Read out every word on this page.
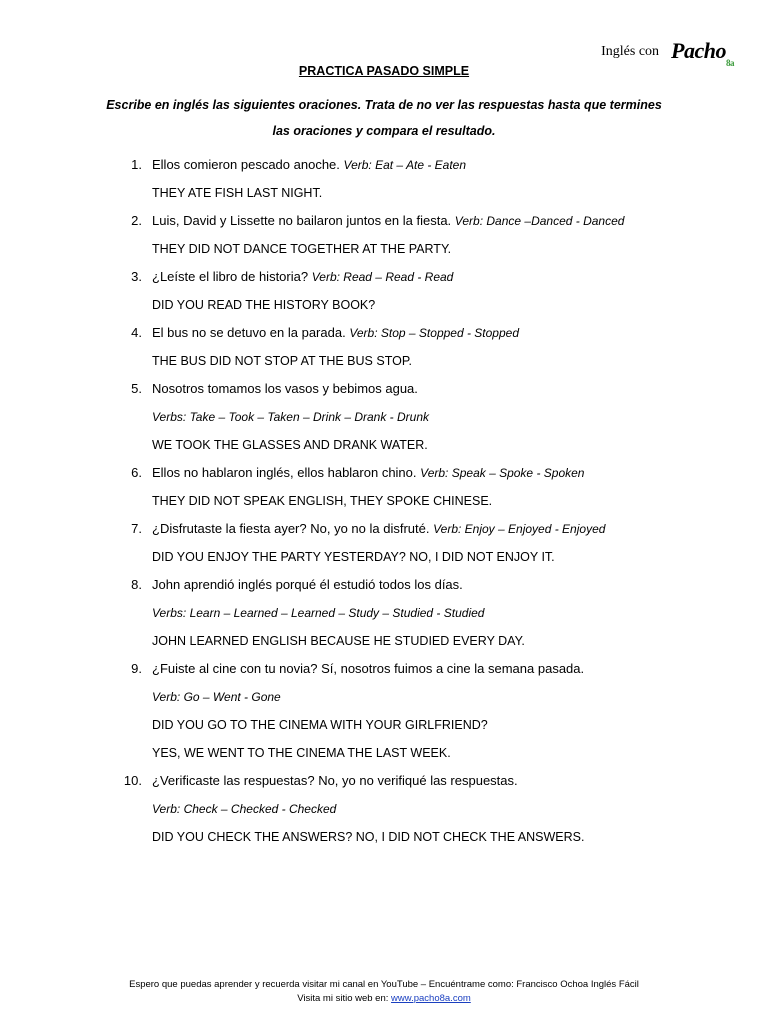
Inglés con Pacho 8a
PRACTICA PASADO SIMPLE
Escribe en inglés las siguientes oraciones. Trata de no ver las respuestas hasta que termines las oraciones y compara el resultado.
1. Ellos comieron pescado anoche. Verb: Eat – Ate - Eaten
THEY ATE FISH LAST NIGHT.
2. Luis, David y Lissette no bailaron juntos en la fiesta. Verb: Dance –Danced - Danced
THEY DID NOT DANCE TOGETHER AT THE PARTY.
3. ¿Leíste el libro de historia? Verb: Read – Read - Read
DID YOU READ THE HISTORY BOOK?
4. El bus no se detuvo en la parada. Verb: Stop – Stopped - Stopped
THE BUS DID NOT STOP AT THE BUS STOP.
5. Nosotros tomamos los vasos y bebimos agua.
Verbs: Take – Took – Taken – Drink – Drank - Drunk
WE TOOK THE GLASSES AND DRANK WATER.
6. Ellos no hablaron inglés, ellos hablaron chino. Verb: Speak – Spoke - Spoken
THEY DID NOT SPEAK ENGLISH, THEY SPOKE CHINESE.
7. ¿Disfrutaste la fiesta ayer? No, yo no la disfruté. Verb: Enjoy – Enjoyed - Enjoyed
DID YOU ENJOY THE PARTY YESTERDAY? NO, I DID NOT ENJOY IT.
8. John aprendió inglés porqué él estudió todos los días.
Verbs: Learn – Learned – Learned – Study – Studied - Studied
JOHN LEARNED ENGLISH BECAUSE HE STUDIED EVERY DAY.
9. ¿Fuiste al cine con tu novia? Sí, nosotros fuimos a cine la semana pasada.
Verb: Go – Went - Gone
DID YOU GO TO THE CINEMA WITH YOUR GIRLFRIEND?
YES, WE WENT TO THE CINEMA THE LAST WEEK.
10. ¿Verificaste las respuestas? No, yo no verifiqué las respuestas.
Verb: Check – Checked - Checked
DID YOU CHECK THE ANSWERS? NO, I DID NOT CHECK THE ANSWERS.
Espero que puedas aprender y recuerda visitar mi canal en YouTube – Encuéntrame como: Francisco Ochoa Inglés Fácil
Visita mi sitio web en: www.pacho8a.com
